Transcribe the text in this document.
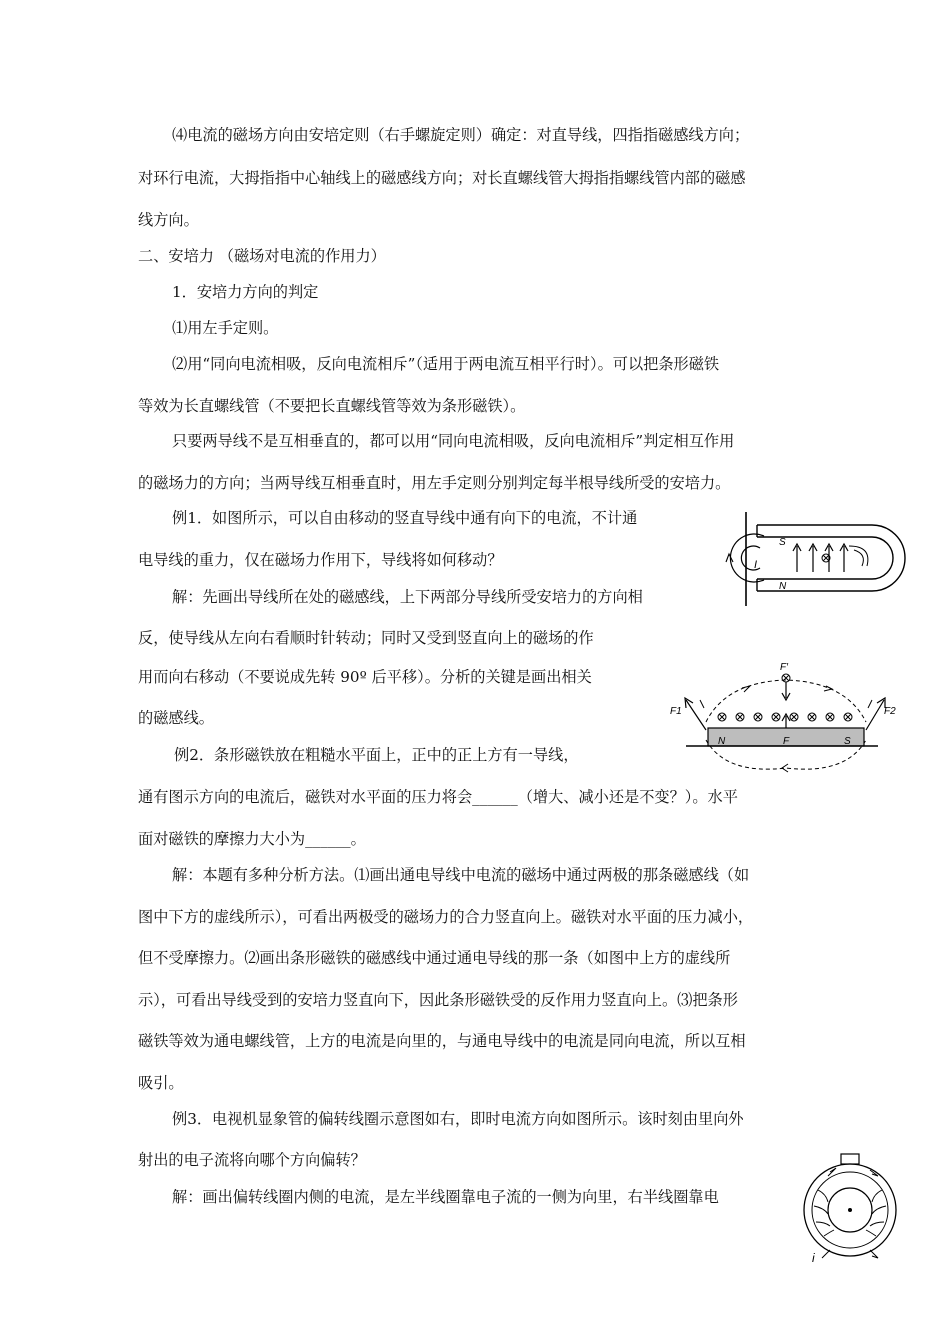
⑷电流的磁场方向由安培定则（右手螺旋定则）确定：对直导线，四指指磁感线方向；
对环行电流，大拇指指中心轴线上的磁感线方向；对长直螺线管大拇指指螺线管内部的磁感
线方向。
二、安培力 （磁场对电流的作用力）
1．安培力方向的判定
⑴用左手定则。
⑵用“同向电流相吸，反向电流相斥”（适用于两电流互相平行时）。可以把条形磁铁
等效为长直螺线管（不要把长直螺线管等效为条形磁铁）。
只要两导线不是互相垂直的，都可以用“同向电流相吸，反向电流相斥”判定相互作用
的磁场力的方向；当两导线互相垂直时，用左手定则分别判定每半根导线所受的安培力。
例1．如图所示，可以自由移动的竖直导线中通有向下的电流，不计通
电导线的重力，仅在磁场力作用下，导线将如何移动？
解：先画出导线所在处的磁感线，上下两部分导线所受安培力的方向相
反，使导线从左向右看顺时针转动；同时又受到竖直向上的磁场的作
用而向右移动（不要说成先转 90º 后平移）。分析的关键是画出相关
的磁感线。
例2．条形磁铁放在粗糙水平面上，正中的正上方有一导线，
通有图示方向的电流后，磁铁对水平面的压力将会______（增大、减小还是不变？）。水平
面对磁铁的摩擦力大小为______。
解：本题有多种分析方法。⑴画出通电导线中电流的磁场中通过两极的那条磁感线（如
图中下方的虚线所示），可看出两极受的磁场力的合力竖直向上。磁铁对水平面的压力减小，
但不受摩擦力。⑵画出条形磁铁的磁感线中通过通电导线的那一条（如图中上方的虚线所
示），可看出导线受到的安培力竖直向下，因此条形磁铁受的反作用力竖直向上。⑶把条形
磁铁等效为通电螺线管，上方的电流是向里的，与通电导线中的电流是同向电流，所以互相
吸引。
例3．电视机显象管的偏转线圈示意图如右，即时电流方向如图所示。该时刻由里向外
射出的电子流将向哪个方向偏转？
解：画出偏转线圈内侧的电流，是左半线圈靠电子流的一侧为向里，右半线圈靠电
I
S
N
F′
N	S
F
F1	F2
i
